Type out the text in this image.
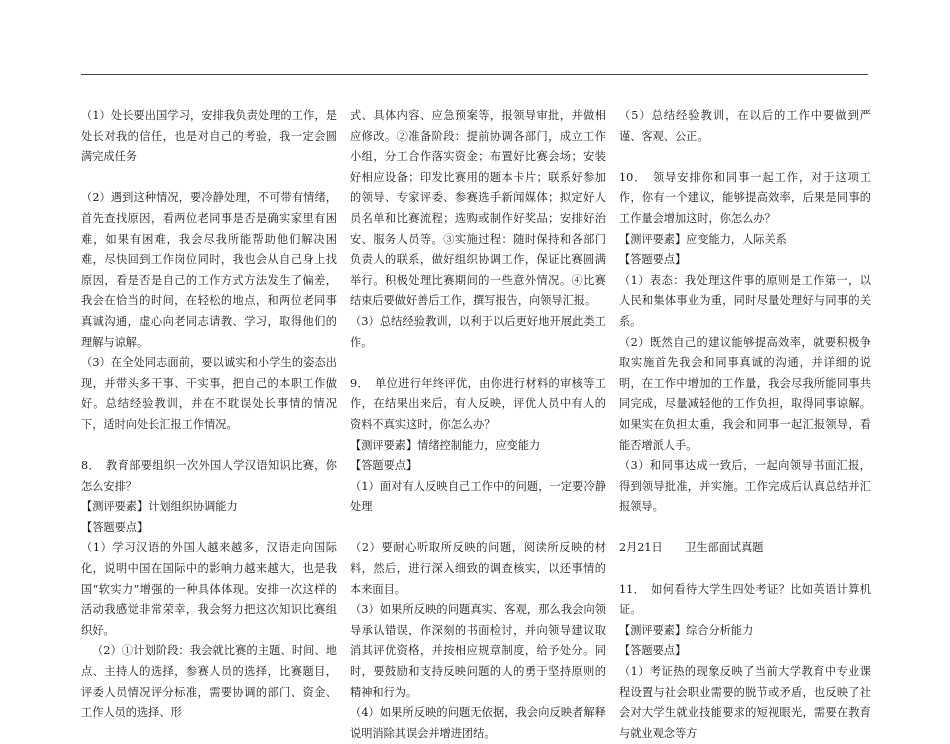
（1）处长要出国学习，安排我负责处理的工作，是处长对我的信任，也是对自己的考验，我一定会圆满完成任务

（2）遇到这种情况，要冷静处理，不可带有情绪，首先查找原因，看两位老同事是否是确实家里有困难，如果有困难，我会尽我所能帮助他们解决困难，尽快回到工作岗位同时，我也会从自己身上找原因，看是否是自己的工作方式方法发生了偏差，我会在恰当的时间，在轻松的地点，和两位老同事真诚沟通，虚心向老同志请教、学习，取得他们的理解与谅解。

（3）在全处同志面前，要以诚实和小学生的姿态出现，并带头多干事、干实事，把自己的本职工作做好。总结经验教训，并在不耽误处长事情的情况下，适时向处长汇报工作情况。

8．　教育部要组织一次外国人学汉语知识比赛，你怎么安排？

【测评要素】计划组织协调能力

【答题要点】

（1）学习汉语的外国人越来越多，汉语走向国际化，说明中国在国际中的影响力越来越大，也是我国“软实力”增强的一种具体体现。安排一次这样的活动我感觉非常荣幸，我会努力把这次知识比赛组织好。

（2）①计划阶段：我会就比赛的主题、时间、地点、主持人的选择，参赛人员的选择，比赛题目，评委人员情况评分标准，需要协调的部门、资金、工作人员的选择、形

式、具体内容、应急预案等，报领导审批，并做相应修改。②准备阶段：提前协调各部门，成立工作小组，分工合作落实资金；布置好比赛会场；安装好相应设备；印发比赛用的题本卡片；联系好参加的领导、专家评委、参赛选手新闻媒体；拟定好人员名单和比赛流程；选购或制作好奖品；安排好治安、服务人员等。③实施过程：随时保持和各部门负责人的联系，做好组织协调工作，保证比赛圆满举行。积极处理比赛期间的一些意外情况。④比赛结束后要做好善后工作，撰写报告，向领导汇报。

（3）总结经验教训，以利于以后更好地开展此类工作。

9．　单位进行年终评优，由你进行材料的审核等工作，在结果出来后，有人反映，评优人员中有人的资料不真实这时，你怎么办？

【测评要素】情绪控制能力，应变能力

【答题要点】

（1）面对有人反映自己工作中的问题，一定要冷静处理

（2）要耐心听取所反映的问题，阅读所反映的材料，然后，进行深入细致的调查核实，以还事情的本来面目。

（3）如果所反映的问题真实、客观，那么我会向领导承认错误，作深刻的书面检讨，并向领导建议取消其评优资格，并按相应规章制度，给予处分。同时，要鼓励和支持反映问题的人的勇于坚持原则的精神和行为。

（4）如果所反映的问题无依据，我会向反映者解释说明消除其误会并增进团结。

（5）总结经验教训，在以后的工作中要做到严谨、客观、公正。

10．　领导安排你和同事一起工作，对于这项工作，你有一个建议，能够提高效率，后果是同事的工作量会增加这时，你怎么办？

【测评要素】应变能力，人际关系

【答题要点】

（1）表态：我处理这件事的原则是工作第一，以人民和集体事业为重，同时尽量处理好与同事的关系。

（2）既然自己的建议能够提高效率，就要积极争取实施首先我会和同事真诚的沟通，并详细的说明，在工作中增加的工作量，我会尽我所能同事共同完成，尽量减轻他的工作负担，取得同事谅解。如果实在负担太重，我会和同事一起汇报领导，看能否增派人手。

（3）和同事达成一致后，一起向领导书面汇报，得到领导批准，并实施。工作完成后认真总结并汇报领导。

2月21日　　卫生部面试真题

11．　如何看待大学生四处考证？比如英语计算机证。

【测评要素】综合分析能力

【答题要点】

（1）考证热的现象反映了当前大学教育中专业课程设置与社会职业需要的脱节或矛盾，也反映了社会对大学生就业技能要求的短视眼光，需要在教育与就业观念等方
